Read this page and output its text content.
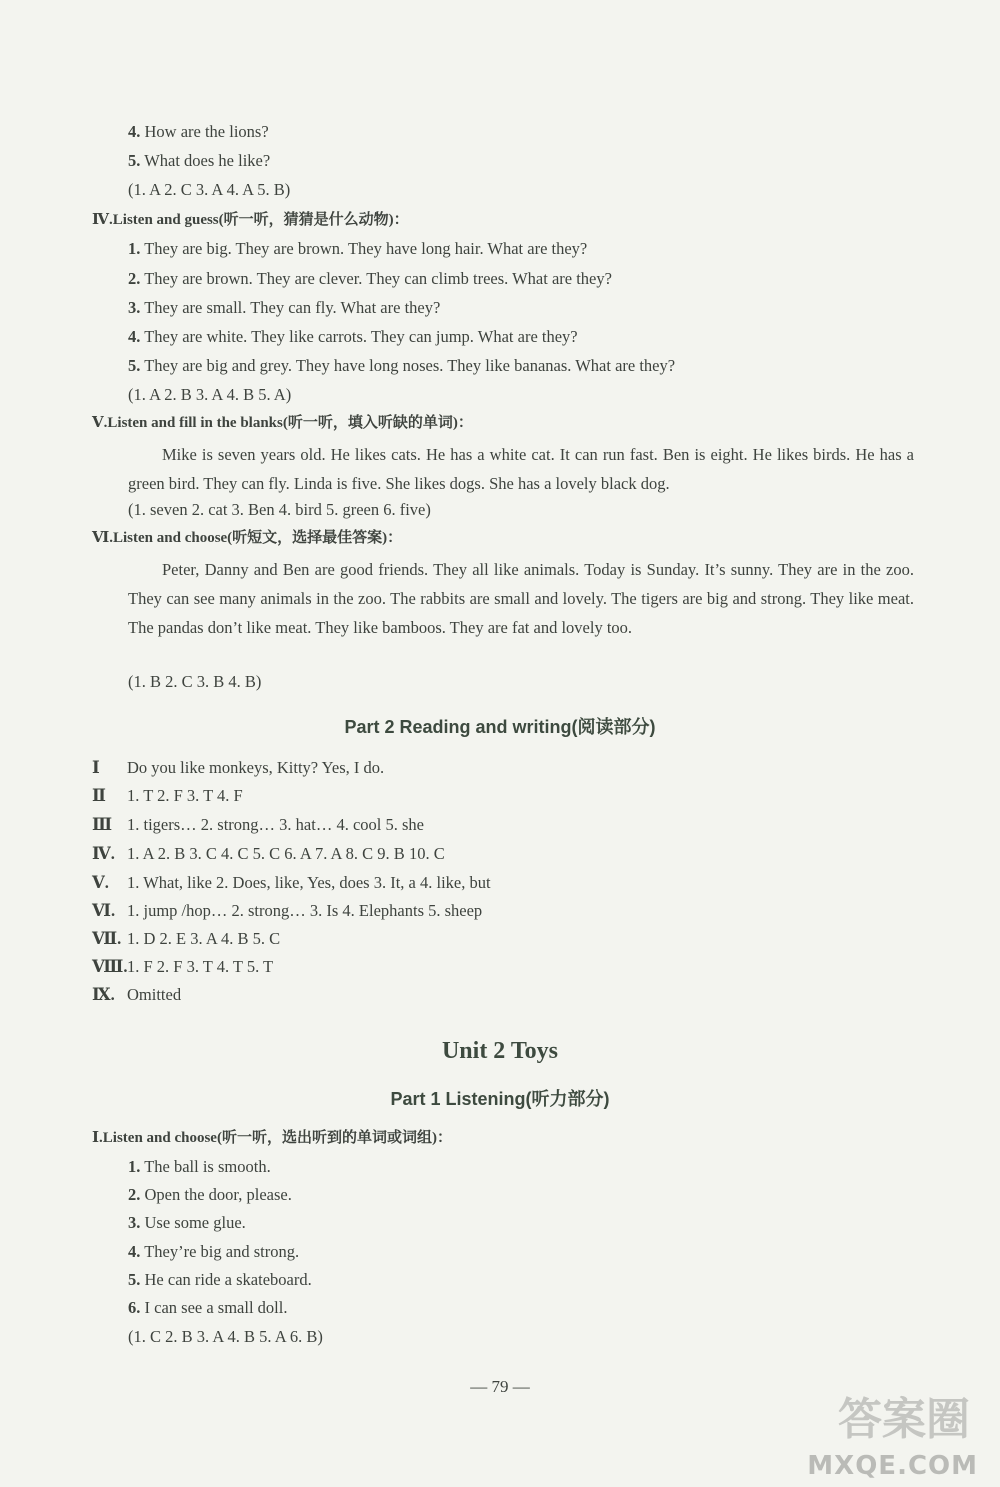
4. How are the lions?
5. What does he like?
(1. A 2. C 3. A 4. A 5. B)
Ⅳ.Listen and guess(听一听，猜猜是什么动物)：
1. They are big. They are brown. They have long hair. What are they?
2. They are brown. They are clever. They can climb trees. What are they?
3. They are small. They can fly. What are they?
4. They are white. They like carrots. They can jump. What are they?
5. They are big and grey. They have long noses. They like bananas. What are they?
(1. A 2. B 3. A 4. B 5. A)
Ⅴ.Listen and fill in the blanks(听一听，填入听缺的单词)：
Mike is seven years old. He likes cats. He has a white cat. It can run fast. Ben is eight. He likes birds. He has a green bird. They can fly. Linda is five. She likes dogs. She has a lovely black dog.
(1. seven 2. cat 3. Ben 4. bird 5. green 6. five)
Ⅵ.Listen and choose(听短文，选择最佳答案)：
Peter, Danny and Ben are good friends. They all like animals. Today is Sunday. It’s sunny. They are in the zoo. They can see many animals in the zoo. The rabbits are small and lovely. The tigers are big and strong. They like meat. The pandas don’t like meat. They like bamboos. They are fat and lovely too.
(1. B 2. C 3. B 4. B)
Part 2 Reading and writing(阅读部分)
Ⅰ Do you like monkeys, Kitty? Yes, I do.
Ⅱ 1. T 2. F 3. T 4. F
Ⅲ 1. tigers… 2. strong… 3. hat… 4. cool 5. she
Ⅳ. 1. A 2. B 3. C 4. C 5. C 6. A 7. A 8. C 9. B 10. C
Ⅴ. 1. What, like 2. Does, like, Yes, does 3. It, a 4. like, but
Ⅵ. 1. jump /hop… 2. strong… 3. Is 4. Elephants 5. sheep
Ⅶ. 1. D 2. E 3. A 4. B 5. C
Ⅷ.1. F 2. F 3. T 4. T 5. T
Ⅸ. Omitted
Unit 2 Toys
Part 1 Listening(听力部分)
Ⅰ.Listen and choose(听一听，选出听到的单词或词组)：
1. The ball is smooth.
2. Open the door, please.
3. Use some glue.
4. They’re big and strong.
5. He can ride a skateboard.
6. I can see a small doll.
(1. C 2. B 3. A 4. B 5. A 6. B)
— 79 —
答案圈
MXQE.COM
